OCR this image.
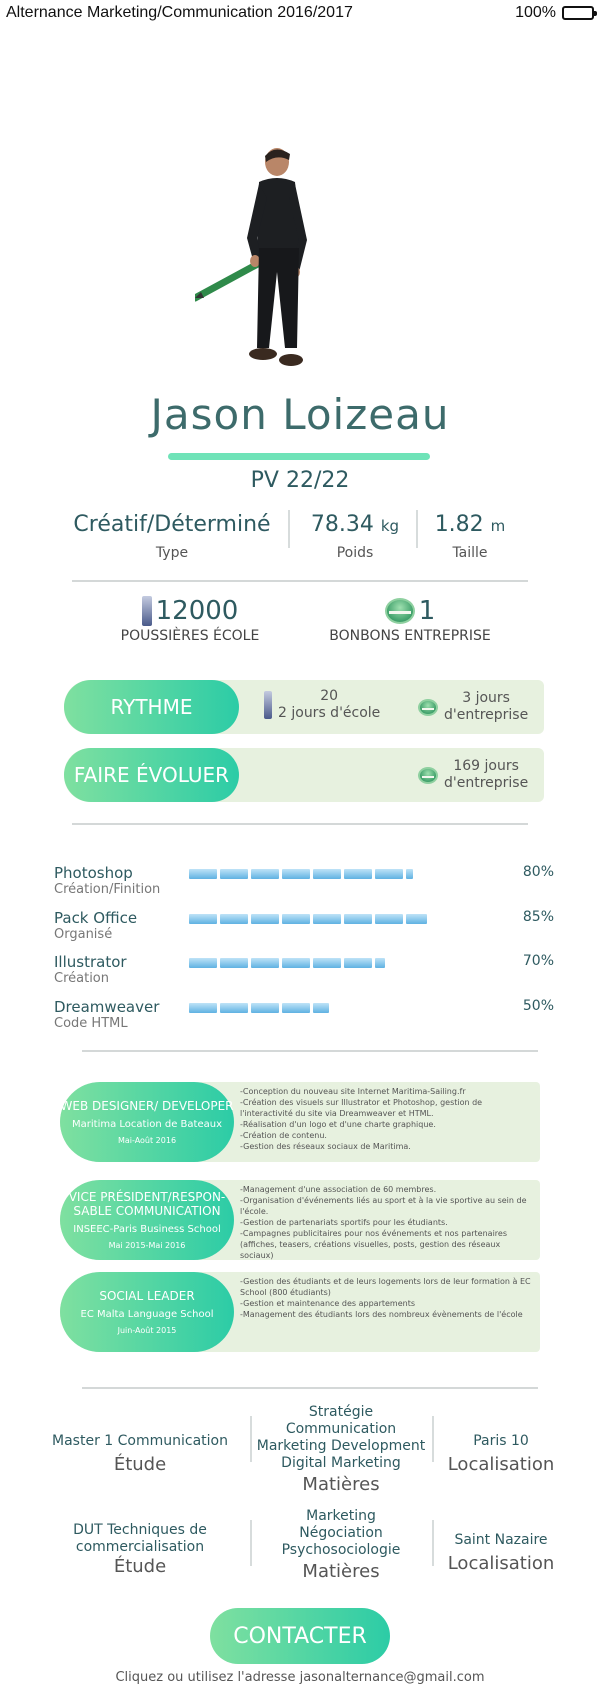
Alternance Marketing/Communication 2016/2017	100%
Jason Loizeau
PV 22/22
Créatif/Déterminé
Type
78.34 kg
Poids
1.82 m
Taille
12000
POUSSIÈRES ÉCOLE
1
BONBONS ENTREPRISE
RYTHME	20
2 jours d'école
3 jours
d'entreprise
FAIRE ÉVOLUER	169 jours
d'entreprise
Photoshop
Création/Finition
80%
Pack Office
Organisé
85%
Illustrator
Création
70%
Dreamweaver
Code HTML
50%
WEB DESIGNER/ DEVELOPER
Maritima Location de Bateaux
Mai-Août 2016
-Conception du nouveau site Internet Maritima-Sailing.fr
-Création des visuels sur Illustrator et Photoshop, gestion de l'interactivité du site via Dreamweaver et HTML.
-Réalisation d'un logo et d'une charte graphique.
-Création de contenu.
-Gestion des réseaux sociaux de Maritima.
VICE PRÉSIDENT/RESPON-SABLE COMMUNICATION
INSEEC-Paris Business School
Mai 2015-Mai 2016
-Management d'une association de 60 membres.
-Organisation d'événements liés au sport et à la vie sportive au sein de l'école.
-Gestion de partenariats sportifs pour les étudiants.
-Campagnes publicitaires pour nos événements et nos partenaires (affiches, teasers, créations visuelles, posts, gestion des réseaux sociaux)
SOCIAL LEADER
EC Malta Language School
Juin-Août 2015
-Gestion des étudiants et de leurs logements lors de leur formation à EC School (800 étudiants)
-Gestion et maintenance des appartements
-Management des étudiants lors des nombreux évènements de l'école
Master 1 Communication
Étude
Stratégie Communication
Marketing Development
Digital Marketing
Matières
Paris 10
Localisation
DUT Techniques de commercialisation
Étude
Marketing
Négociation
Psychosociologie
Matières
Saint Nazaire
Localisation
CONTACTER
Cliquez ou utilisez l'adresse jasonalternance@gmail.com
